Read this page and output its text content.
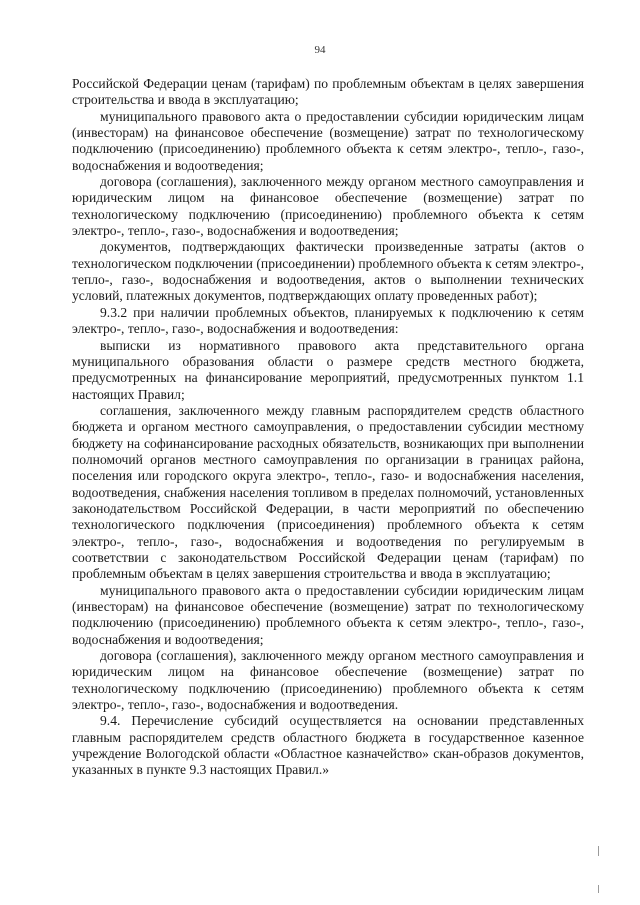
94

Российской Федерации ценам (тарифам) по проблемным объектам в целях завершения строительства и ввода в эксплуатацию;

муниципального правового акта о предоставлении субсидии юридическим лицам (инвесторам) на финансовое обеспечение (возмещение) затрат по технологическому подключению (присоединению) проблемного объекта к сетям электро-, тепло-, газо-, водоснабжения и водоотведения;

договора (соглашения), заключенного между органом местного самоуправления и юридическим лицом на финансовое обеспечение (возмещение) затрат по технологическому подключению (присоединению) проблемного объекта к сетям электро-, тепло-, газо-, водоснабжения и водоотведения;

документов, подтверждающих фактически произведенные затраты (актов о технологическом подключении (присоединении) проблемного объекта к сетям электро-, тепло-, газо-, водоснабжения и водоотведения, актов о выполнении технических условий, платежных документов, подтверждающих оплату проведенных работ);

9.3.2 при наличии проблемных объектов, планируемых к подключению к сетям электро-, тепло-, газо-, водоснабжения и водоотведения:

выписки из нормативного правового акта представительного органа муниципального образования области о размере средств местного бюджета, предусмотренных на финансирование мероприятий, предусмотренных пунктом 1.1 настоящих Правил;

соглашения, заключенного между главным распорядителем средств областного бюджета и органом местного самоуправления, о предоставлении субсидии местному бюджету на софинансирование расходных обязательств, возникающих при выполнении полномочий органов местного самоуправления по организации в границах района, поселения или городского округа электро-, тепло-, газо- и водоснабжения населения, водоотведения, снабжения населения топливом в пределах полномочий, установленных законодательством Российской Федерации, в части мероприятий по обеспечению технологического подключения (присоединения) проблемного объекта к сетям электро-, тепло-, газо-, водоснабжения и водоотведения по регулируемым в соответствии с законодательством Российской Федерации ценам (тарифам) по проблемным объектам в целях завершения строительства и ввода в эксплуатацию;

муниципального правового акта о предоставлении субсидии юридическим лицам (инвесторам) на финансовое обеспечение (возмещение) затрат по технологическому подключению (присоединению) проблемного объекта к сетям электро-, тепло-, газо-, водоснабжения и водоотведения;

договора (соглашения), заключенного между органом местного самоуправления и юридическим лицом на финансовое обеспечение (возмещение) затрат по технологическому подключению (присоединению) проблемного объекта к сетям электро-, тепло-, газо-, водоснабжения и водоотведения.

9.4. Перечисление субсидий осуществляется на основании представленных главным распорядителем средств областного бюджета в государственное казенное учреждение Вологодской области «Областное казначейство» скан-образов документов, указанных в пункте 9.3 настоящих Правил.»
